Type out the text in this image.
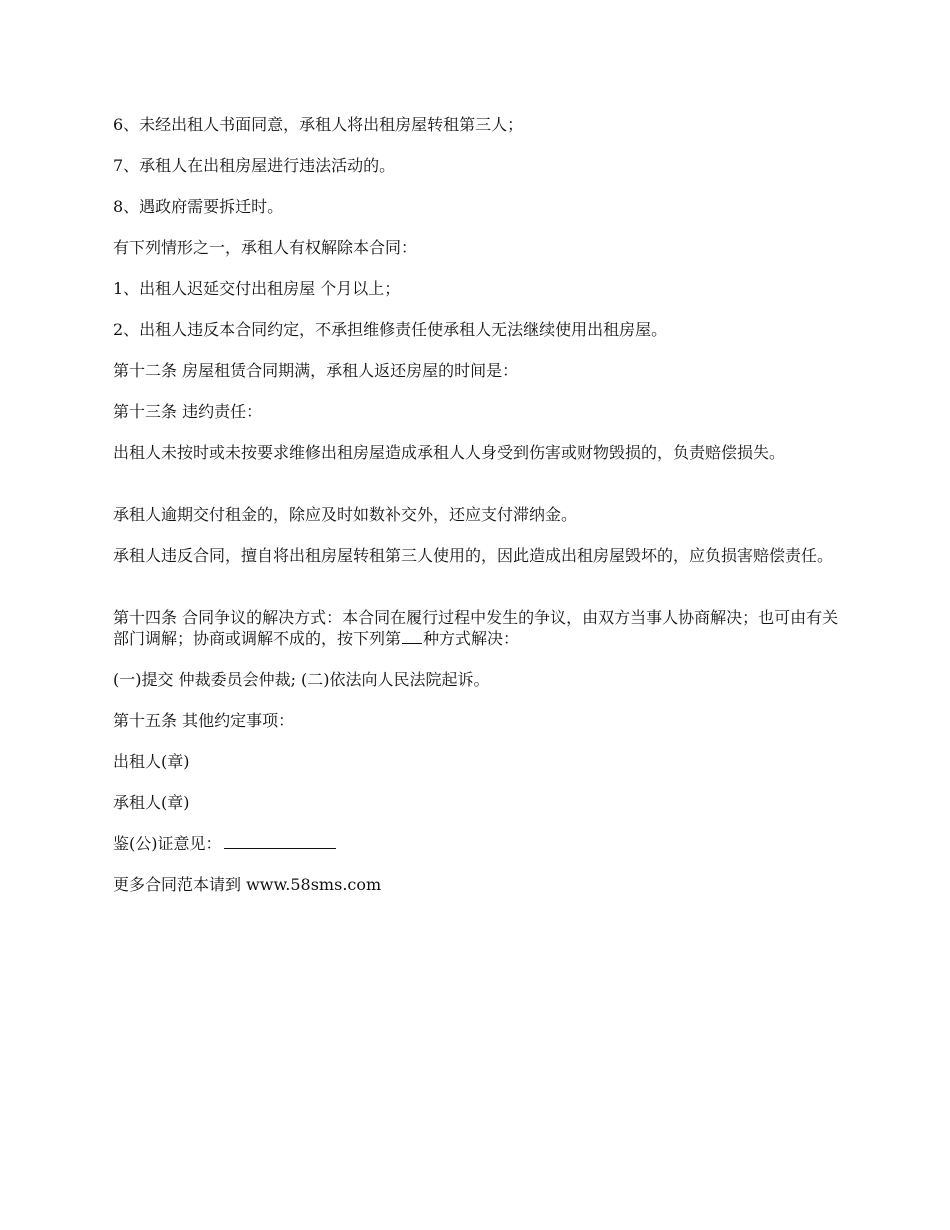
6、未经出租人书面同意，承租人将出租房屋转租第三人；

7、承租人在出租房屋进行违法活动的。

8、遇政府需要拆迁时。

有下列情形之一，承租人有权解除本合同：

1、出租人迟延交付出租房屋 个月以上；

2、出租人违反本合同约定，不承担维修责任使承租人无法继续使用出租房屋。

第十二条 房屋租赁合同期满，承租人返还房屋的时间是：

第十三条 违约责任：

出租人未按时或未按要求维修出租房屋造成承租人人身受到伤害或财物毁损的，负责赔偿损失。

承租人逾期交付租金的，除应及时如数补交外，还应支付滞纳金。

承租人违反合同，擅自将出租房屋转租第三人使用的，因此造成出租房屋毁坏的，应负损害赔偿责任。

第十四条 合同争议的解决方式：本合同在履行过程中发生的争议，由双方当事人协商解决；也可由有关部门调解；协商或调解不成的，按下列第 种方式解决：

(一)提交 仲裁委员会仲裁; (二)依法向人民法院起诉。

第十五条 其他约定事项：

出租人(章)

承租人(章)

鉴(公)证意见：

更多合同范本请到 www.58sms.com
